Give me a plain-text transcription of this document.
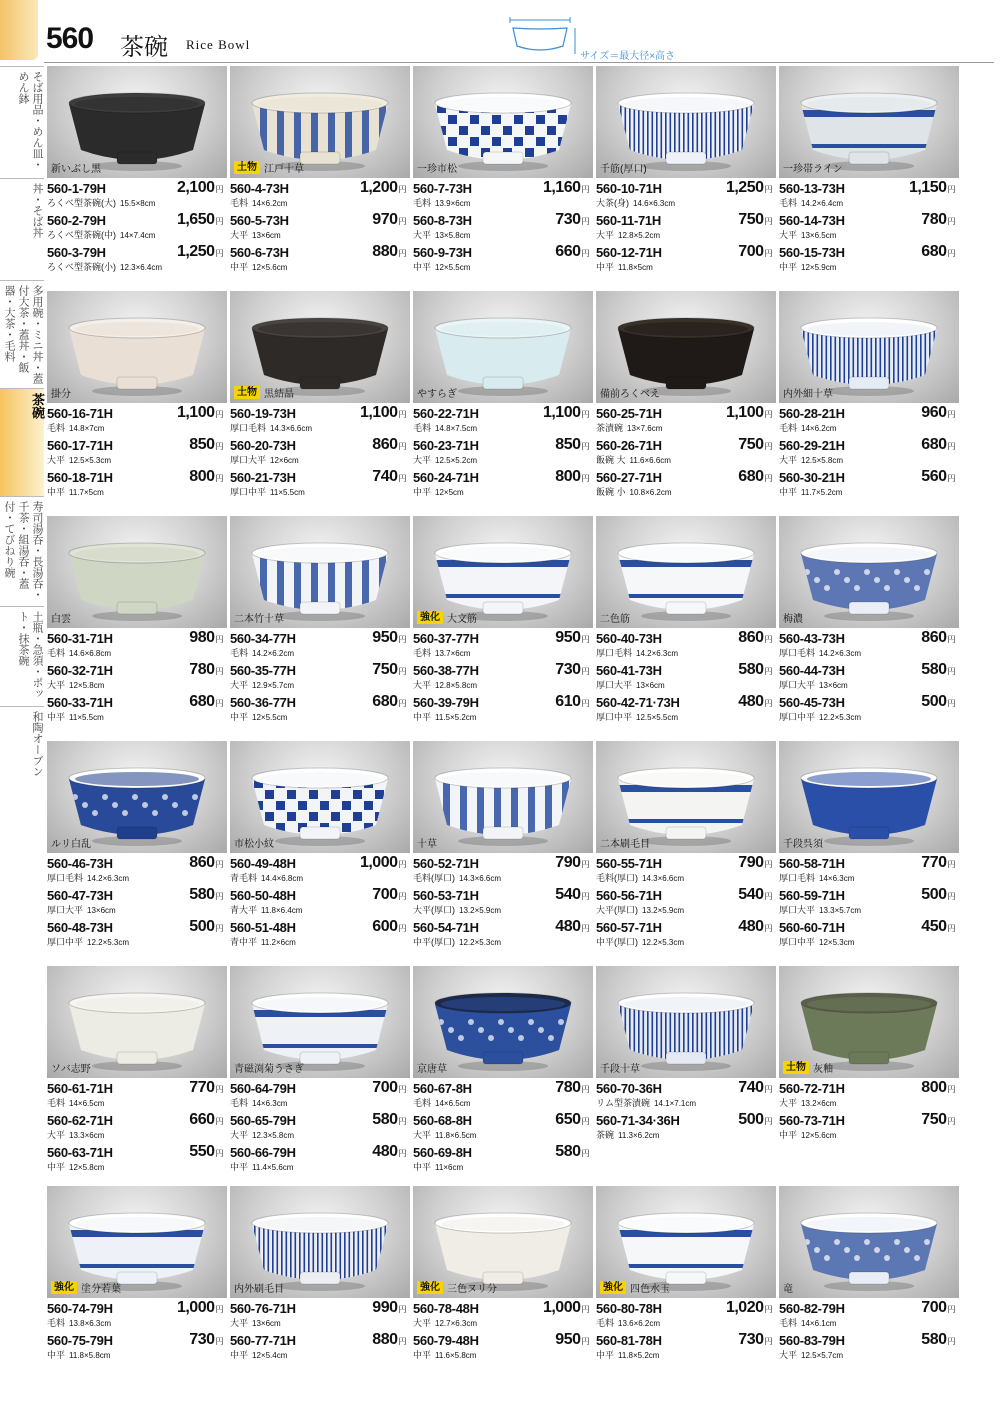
560 茶碗 Rice Bowl
サイズ＝最大径×高さ
そば用品・めん皿・めん鉢
丼・そば丼
多用碗・ミニ丼・蓋付大茶・蓋丼・飯器・大茶・毛料
茶碗
寿司湯呑・長湯呑・千茶・組湯呑・蓋付・てびねり碗
土瓶・急須・ポット・抹茶碗
和陶オーブン
新いぶし黒
560-1-79H	2,100円
ろくべ型茶碗(大) 15.5×8cm
560-2-79H	1,650円
ろくべ型茶碗(中) 14×7.4cm
560-3-79H	1,250円
ろくべ型茶碗(小) 12.3×6.4cm
土物 江戸十草
560-4-73H	1,200円
毛料 14×6.2cm
560-5-73H	970円
大平 13×6cm
560-6-73H	880円
中平 12×5.6cm
一珍市松
560-7-73H	1,160円
毛料 13.9×6cm
560-8-73H	730円
大平 13×5.8cm
560-9-73H	660円
中平 12×5.5cm
千筋(厚口)
560-10-71H	1,250円
大茶(身) 14.6×6.3cm
560-11-71H	750円
大平 12.8×5.2cm
560-12-71H	700円
中平 11.8×5cm
一珍帯ライン
560-13-73H	1,150円
毛料 14.2×6.4cm
560-14-73H	780円
大平 13×6.5cm
560-15-73H	680円
中平 12×5.9cm
掛分
560-16-71H	1,100円
毛料 14.8×7cm
560-17-71H	850円
大平 12.5×5.3cm
560-18-71H	800円
中平 11.7×5cm
土物 黒結晶
560-19-73H	1,100円
厚口毛料 14.3×6.6cm
560-20-73H	860円
厚口大平 12×6cm
560-21-73H	740円
厚口中平 11×5.5cm
やすらぎ
560-22-71H	1,100円
毛料 14.8×7.5cm
560-23-71H	850円
大平 12.5×5.2cm
560-24-71H	800円
中平 12×5cm
備前ろくべえ
560-25-71H	1,100円
茶漬碗 13×7.6cm
560-26-71H	750円
飯碗 大 11.6×6.6cm
560-27-71H	680円
飯碗 小 10.8×6.2cm
内外細十草
560-28-21H	960円
毛料 14×6.2cm
560-29-21H	680円
大平 12.5×5.8cm
560-30-21H	560円
中平 11.7×5.2cm
白雲
560-31-71H	980円
毛料 14.6×6.8cm
560-32-71H	780円
大平 12×5.8cm
560-33-71H	680円
中平 11×5.5cm
二本竹十草
560-34-77H	950円
毛料 14.2×6.2cm
560-35-77H	750円
大平 12.9×5.7cm
560-36-77H	680円
中平 12×5.5cm
強化 大文筋
560-37-77H	950円
毛料 13.7×6cm
560-38-77H	730円
大平 12.8×5.8cm
560-39-79H	610円
中平 11.5×5.2cm
二色筋
560-40-73H	860円
厚口毛料 14.2×6.3cm
560-41-73H	580円
厚口大平 13×6cm
560-42-71·73H	480円
厚口中平 12.5×5.5cm
梅濃
560-43-73H	860円
厚口毛料 14.2×6.3cm
560-44-73H	580円
厚口大平 13×6cm
560-45-73H	500円
厚口中平 12.2×5.3cm
ルリ白乱
560-46-73H	860円
厚口毛料 14.2×6.3cm
560-47-73H	580円
厚口大平 13×6cm
560-48-73H	500円
厚口中平 12.2×5.3cm
市松小紋
560-49-48H	1,000円
青毛料 14.4×6.8cm
560-50-48H	700円
青大平 11.8×6.4cm
560-51-48H	600円
青中平 11.2×6cm
十草
560-52-71H	790円
毛料(厚口) 14.3×6.6cm
560-53-71H	540円
大平(厚口) 13.2×5.9cm
560-54-71H	480円
中平(厚口) 12.2×5.3cm
二本刷毛目
560-55-71H	790円
毛料(厚口) 14.3×6.6cm
560-56-71H	540円
大平(厚口) 13.2×5.9cm
560-57-71H	480円
中平(厚口) 12.2×5.3cm
千段呉須
560-58-71H	770円
厚口毛料 14×6.3cm
560-59-71H	500円
厚口大平 13.3×5.7cm
560-60-71H	450円
厚口中平 12×5.3cm
ソバ志野
560-61-71H	770円
毛料 14×6.5cm
560-62-71H	660円
大平 13.3×6cm
560-63-71H	550円
中平 12×5.8cm
青磁渕菊うさぎ
560-64-79H	700円
毛料 14×6.3cm
560-65-79H	580円
大平 12.3×5.8cm
560-66-79H	480円
中平 11.4×5.6cm
京唐草
560-67-8H	780円
毛料 14×6.5cm
560-68-8H	650円
大平 11.8×6.5cm
560-69-8H	580円
中平 11×6cm
千段十草
560-70-36H	740円
リム型茶漬碗 14.1×7.1cm
560-71-34·36H	500円
茶碗 11.3×6.2cm
土物 灰釉
560-72-71H	800円
大平 13.2×6cm
560-73-71H	750円
中平 12×5.6cm
強化 塗分若葉
560-74-79H	1,000円
毛料 13.8×6.3cm
560-75-79H	730円
中平 11.8×5.8cm
内外刷毛目
560-76-71H	990円
大平 13×6cm
560-77-71H	880円
中平 12×5.4cm
強化 三色ヌリ分
560-78-48H	1,000円
大平 12.7×6.3cm
560-79-48H	950円
中平 11.6×5.8cm
強化 四色水玉
560-80-78H	1,020円
毛料 13.6×6.2cm
560-81-78H	730円
中平 11.8×5.2cm
竜
560-82-79H	700円
毛料 14×6.1cm
560-83-79H	580円
大平 12.5×5.7cm
